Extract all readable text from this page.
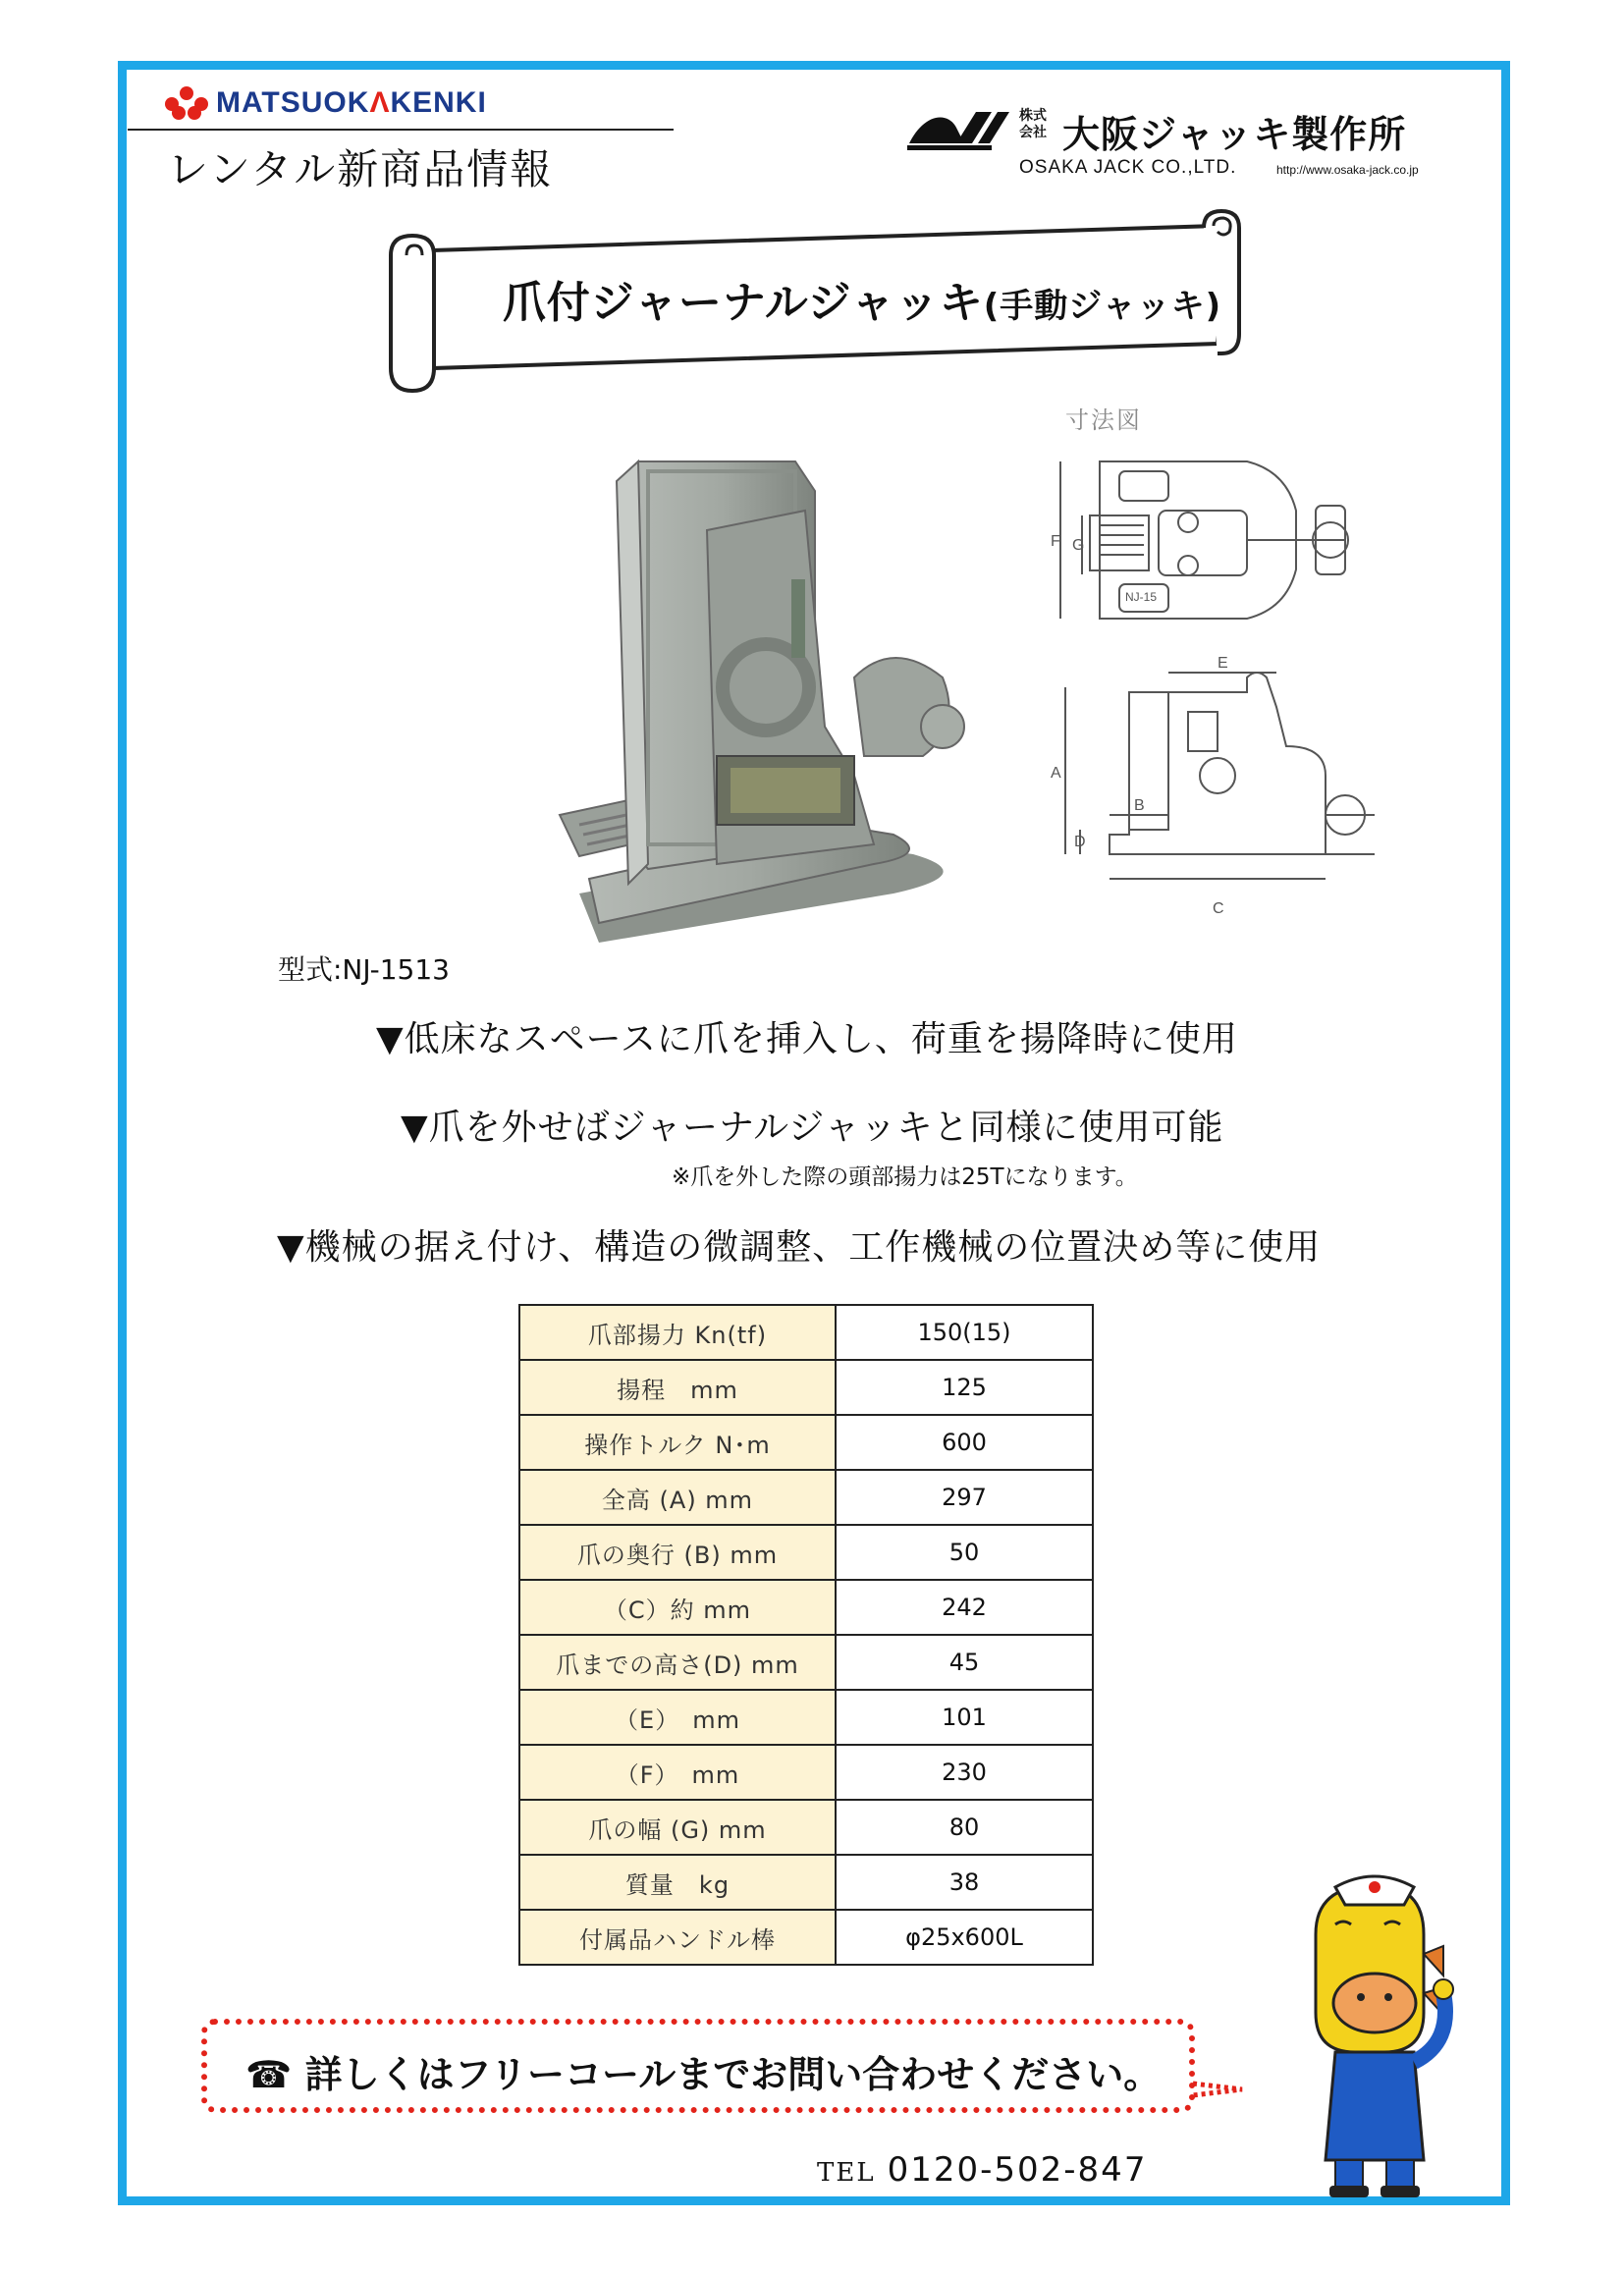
MATSUOKΛKENKI
レンタル新商品情報
株式
会社 大阪ジャッキ製作所
OSAKA JACK CO.,LTD.	http://www.osaka-jack.co.jp
爪付ジャーナルジャッキ(手動ジャッキ)
寸法図
F G
A
B
C
D
E
NJ-15
型式:NJ-1513
▼低床なスペースに爪を挿入し、荷重を揚降時に使用
▼爪を外せばジャーナルジャッキと同様に使用可能
※爪を外した際の頭部揚力は25Tになります。
▼機械の据え付け、構造の微調整、工作機械の位置決め等に使用
爪部揚力 Kn(tf)	150(15)
揚程　mm	125
操作トルク N･m	600
全高 (A) mm	297
爪の奥行 (B) mm	50
（C）約 mm	242
爪までの高さ(D) mm	45
（E）　mm	101
（F）　mm	230
爪の幅 (G) mm	80
質量　kg	38
付属品ハンドル棒	φ25x600L
☎ 詳しくはフリーコールまでお問い合わせください。
TEL 0120-502-847
